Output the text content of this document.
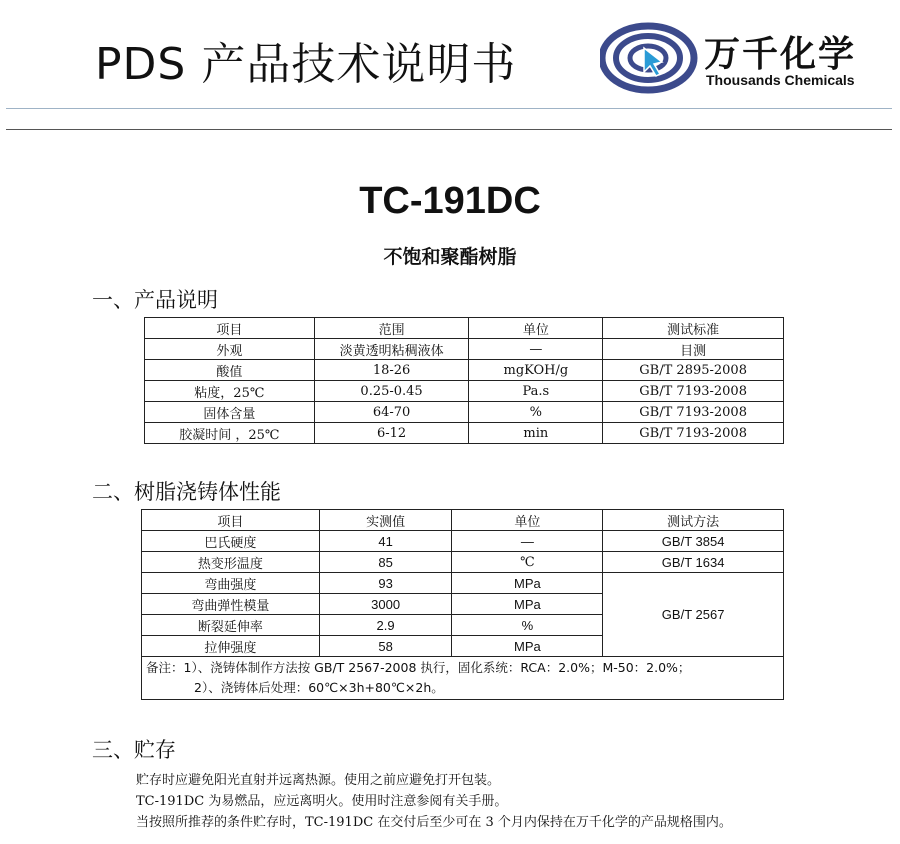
PDS 产品技术说明书	万千化学
Thousands Chemicals
TC-191DC
不饱和聚酯树脂
一、产品说明
项目	范围	单位	测试标准
外观	淡黄透明粘稠液体	—	目测
酸值	18-26	mgKOH/g	GB/T 2895-2008
粘度，25℃	0.25-0.45	Pa.s	GB/T 7193-2008
固体含量	64-70	%	GB/T 7193-2008
胶凝时间 ，25℃	6-12	min	GB/T 7193-2008
二、树脂浇铸体性能
项目	实测值	单位	测试方法
巴氏硬度	41	—	GB/T 3854
热变形温度	85	℃	GB/T 1634
弯曲强度	93	MPa	GB/T 2567
弯曲弹性模量	3000	MPa	
断裂延伸率	2.9	%	
拉伸强度	58	MPa	
备注：1）、浇铸体制作方法按 GB/T 2567-2008 执行，固化系统：RCA：2.0%；M-50：2.0%；
2）、浇铸体后处理：60℃×3h+80℃×2h。			
三、贮存
贮存时应避免阳光直射并远离热源。使用之前应避免打开包装。
TC-191DC 为易燃品，应远离明火。使用时注意参阅有关手册。
当按照所推荐的条件贮存时，TC-191DC 在交付后至少可在 3 个月内保持在万千化学的产品规格围内。
